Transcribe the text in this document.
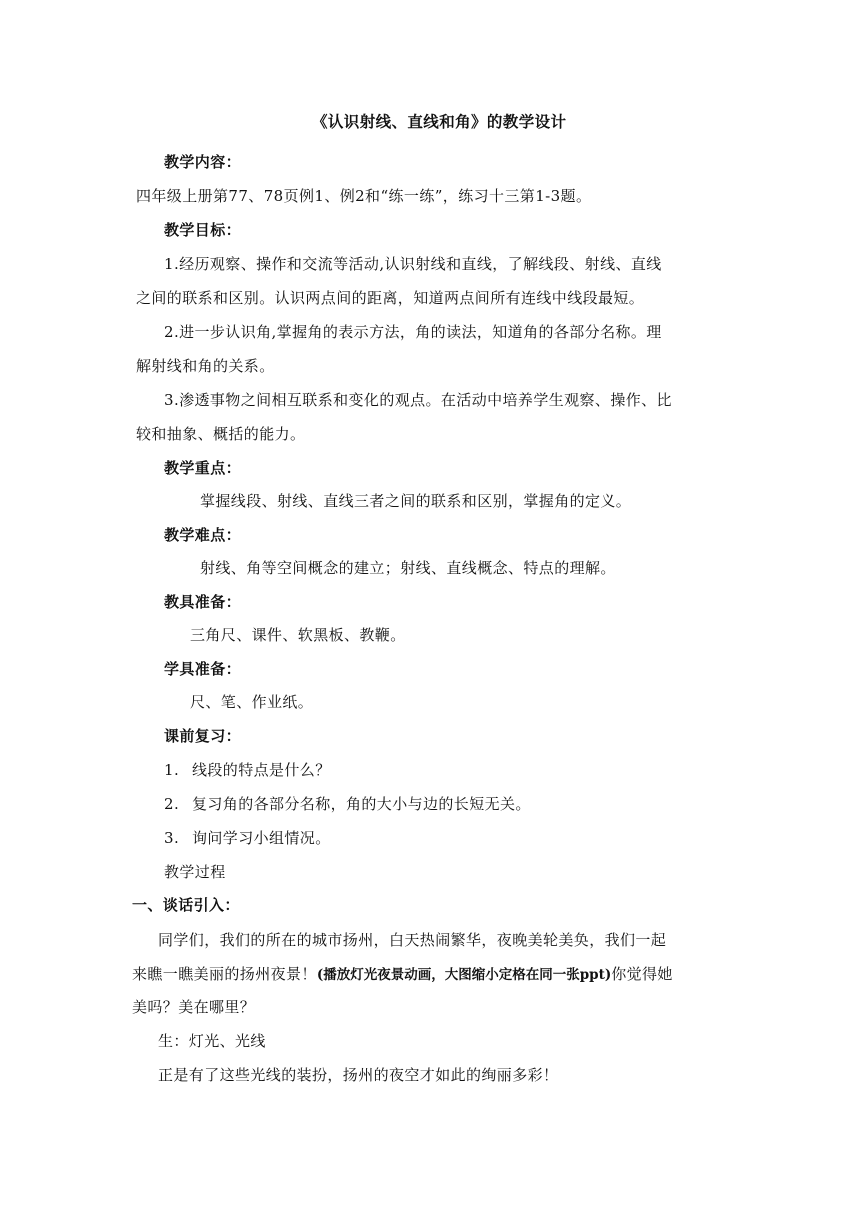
《认识射线、直线和角》的教学设计
教学内容：
四年级上册第77、78页例1、例2和“练一练”，练习十三第1-3题。
教学目标：
1.经历观察、操作和交流等活动,认识射线和直线，了解线段、射线、直线
之间的联系和区别。认识两点间的距离，知道两点间所有连线中线段最短。
2.进一步认识角,掌握角的表示方法，角的读法，知道角的各部分名称。理
解射线和角的关系。
3.渗透事物之间相互联系和变化的观点。在活动中培养学生观察、操作、比
较和抽象、概括的能力。
教学重点：
掌握线段、射线、直线三者之间的联系和区别，掌握角的定义。
教学难点：
射线、角等空间概念的建立；射线、直线概念、特点的理解。
教具准备：
三角尺、课件、软黑板、教鞭。
学具准备：
尺、笔、作业纸。
课前复习：
1. 线段的特点是什么？
2. 复习角的各部分名称，角的大小与边的长短无关。
3. 询问学习小组情况。
教学过程
一、谈话引入：
同学们，我们的所在的城市扬州，白天热闹繁华，夜晚美轮美奂，我们一起
来瞧一瞧美丽的扬州夜景！(播放灯光夜景动画，大图缩小定格在同一张ppt)你觉得她
美吗？美在哪里？
生：灯光、光线
正是有了这些光线的装扮，扬州的夜空才如此的绚丽多彩！
